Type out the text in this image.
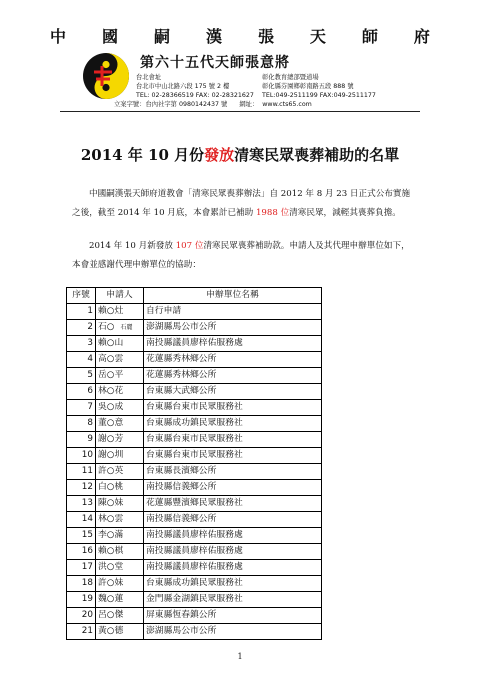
中 國 嗣 漢 張 天 師 府
第六十五代天師張意將
台北會址
台北市中山北路六段 175 號 2 樓
TEL: 02-28366519 FAX: 02-28321627
彰化教育總部暨道場
彰化縣芬園鄉彰南路五段 888 號
TEL:049-2511199 FAX:049-2511177
立案字號：台內社字第 0980142437 號 網址： www.cts65.com
2014 年 10 月份發放清寒民眾喪葬補助的名單
中國嗣漢張天師府道教會「清寒民眾喪葬辦法」自 2012 年 8 月 23 日正式公布實施之後，截至 2014 年 10 月底，本會累計已補助 1988 位清寒民眾，減輕其喪葬負擔。
2014 年 10 月新發放 107 位清寒民眾喪葬補助款。申請人及其代理申辦單位如下，本會並感謝代理申辦單位的協助：
序號	申請人	申辦單位名稱
1	賴○灶	自行申請
2	石○ 石麗	澎湖縣馬公市公所
3	賴○山	南投縣議員廖梓佑服務處
4	高○雲	花蓮縣秀林鄉公所
5	岳○平	花蓮縣秀林鄉公所
6	林○花	台東縣大武鄉公所
7	吳○成	台東縣台東市民眾服務社
8	董○意	台東縣成功鎮民眾服務社
9	謝○芳	台東縣台東市民眾服務社
10	謝○圳	台東縣台東市民眾服務社
11	許○英	台東縣長濱鄉公所
12	白○桃	南投縣信義鄉公所
13	陳○妹	花蓮縣豐濱鄉民眾服務社
14	林○雲	南投縣信義鄉公所
15	李○滿	南投縣議員廖梓佑服務處
16	賴○棋	南投縣議員廖梓佑服務處
17	洪○堂	南投縣議員廖梓佑服務處
18	許○妹	台東縣成功鎮民眾服務社
19	魏○蓮	金門縣金湖鎮民眾服務社
20	呂○傑	屏東縣恆春鎮公所
21	黃○德	澎湖縣馬公市公所
1
